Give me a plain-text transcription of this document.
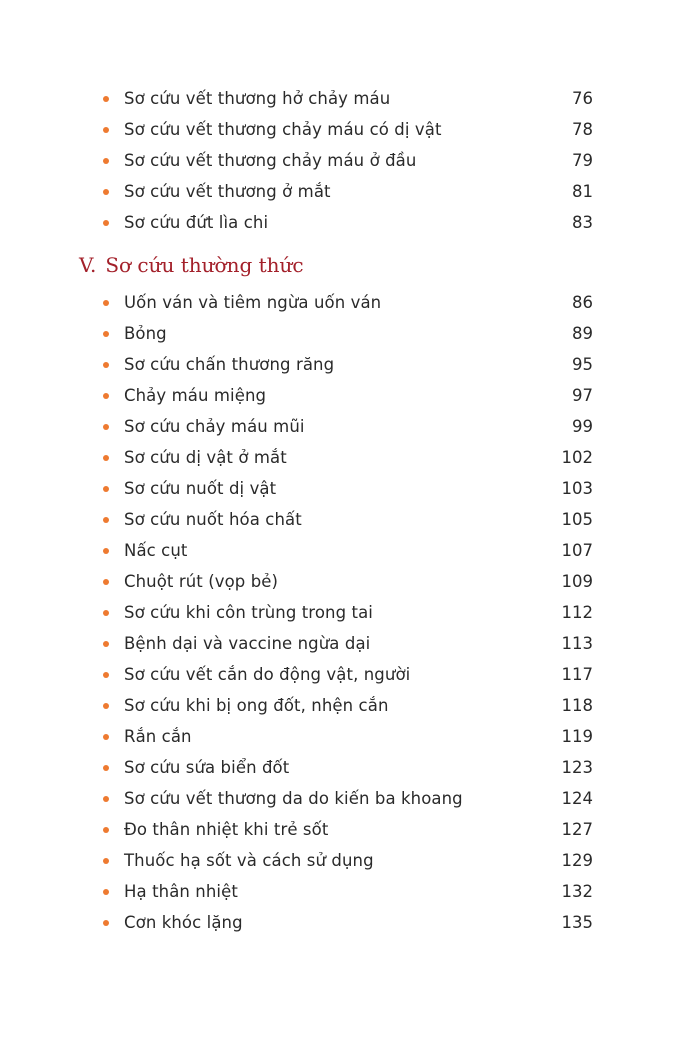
Sơ cứu vết thương hở chảy máu	76
Sơ cứu vết thương chảy máu có dị vật	78
Sơ cứu vết thương chảy máu ở đầu	79
Sơ cứu vết thương ở mắt	81
Sơ cứu đứt lìa chi	83
V. Sơ cứu thường thức
Uốn ván và tiêm ngừa uốn ván	86
Bỏng	89
Sơ cứu chấn thương răng	95
Chảy máu miệng	97
Sơ cứu chảy máu mũi	99
Sơ cứu dị vật ở mắt	102
Sơ cứu nuốt dị vật	103
Sơ cứu nuốt hóa chất	105
Nấc cụt	107
Chuột rút (vọp bẻ)	109
Sơ cứu khi côn trùng trong tai	112
Bệnh dại và vaccine ngừa dại	113
Sơ cứu vết cắn do động vật, người	117
Sơ cứu khi bị ong đốt, nhện cắn	118
Rắn cắn	119
Sơ cứu sứa biển đốt	123
Sơ cứu vết thương da do kiến ba khoang	124
Đo thân nhiệt khi trẻ sốt	127
Thuốc hạ sốt và cách sử dụng	129
Hạ thân nhiệt	132
Cơn khóc lặng	135
